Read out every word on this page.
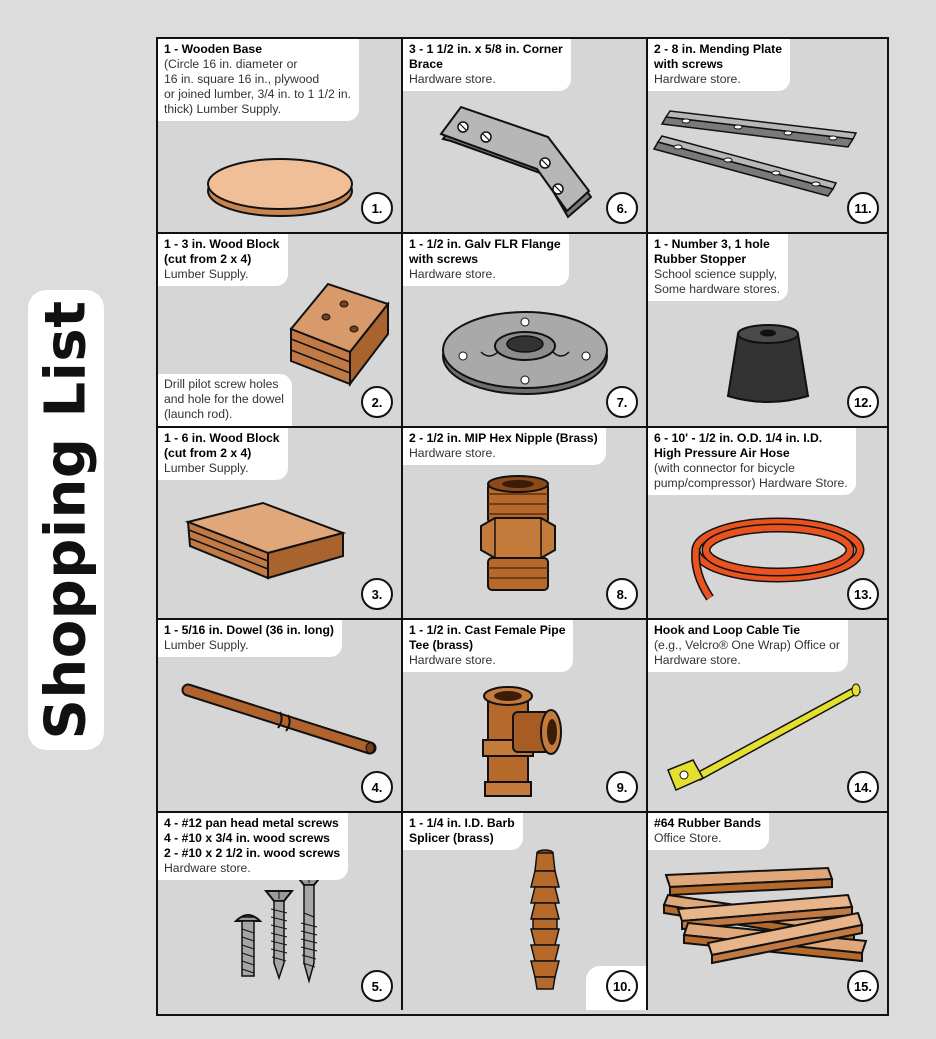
Shopping List
1 - Wooden Base
(Circle 16 in. diameter or
16 in. square 16 in., plywood
or joined lumber, 3/4 in. to 1 1/2 in.
thick) Lumber Supply.
1.
3 - 1 1/2 in. x 5/8 in. Corner
Brace
Hardware store.
6.
2 - 8 in. Mending Plate
with screws
Hardware store.
11.
1 - 3 in. Wood Block
(cut from 2 x 4)
Lumber Supply.
Drill pilot screw holes
and hole for the dowel
(launch rod).
2.
1 - 1/2 in. Galv FLR Flange
with screws
Hardware store.
7.
1 - Number 3, 1 hole
Rubber Stopper
School science supply,
Some hardware stores.
12.
1 - 6 in. Wood Block
(cut from 2 x 4)
Lumber Supply.
3.
2 - 1/2 in. MIP Hex Nipple (Brass)
Hardware store.
8.
6 - 10' - 1/2 in. O.D. 1/4 in. I.D.
High Pressure Air Hose
(with connector for bicycle
pump/compressor) Hardware Store.
13.
1 - 5/16 in. Dowel (36 in. long)
Lumber Supply.
4.
1 - 1/2 in. Cast Female Pipe
Tee (brass)
Hardware store.
9.
Hook and Loop Cable Tie
(e.g., Velcro® One Wrap) Office or
Hardware store.
14.
4 - #12 pan head metal screws
4 - #10 x 3/4 in. wood screws
2 - #10 x 2 1/2 in. wood screws
Hardware store.
5.
1 - 1/4 in. I.D. Barb
Splicer (brass)
10.
#64 Rubber Bands
Office Store.
15.
